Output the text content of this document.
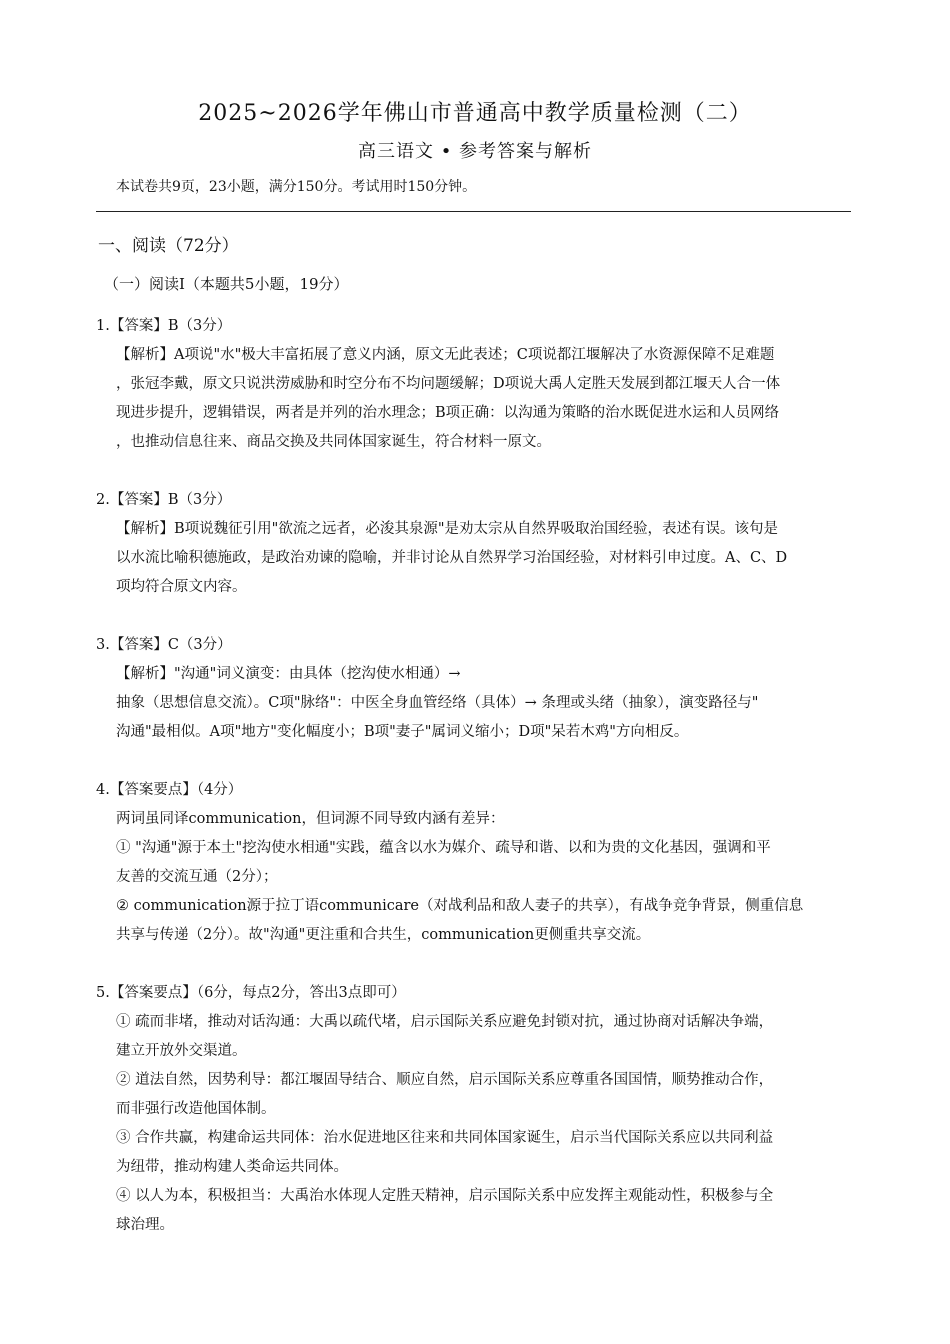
2025~2026学年佛山市普通高中教学质量检测（二）
高三语文 • 参考答案与解析
本试卷共9页，23小题，满分150分。考试用时150分钟。
一、阅读（72分）
（一）阅读I（本题共5小题，19分）

1.【答案】B（3分）

【解析】A项说"水"极大丰富拓展了意义内涵，原文无此表述；C项说都江堰解决了水资源保障不足难题

，张冠李戴，原文只说洪涝威胁和时空分布不均问题缓解；D项说大禹人定胜天发展到都江堰天人合一体

现进步提升，逻辑错误，两者是并列的治水理念；B项正确：以沟通为策略的治水既促进水运和人员网络

，也推动信息往来、商品交换及共同体国家诞生，符合材料一原文。

2.【答案】B（3分）

【解析】B项说魏征引用"欲流之远者，必浚其泉源"是劝太宗从自然界吸取治国经验，表述有误。该句是

以水流比喻积德施政，是政治劝谏的隐喻，并非讨论从自然界学习治国经验，对材料引申过度。A、C、D

项均符合原文内容。

3.【答案】C（3分）

【解析】"沟通"词义演变：由具体（挖沟使水相通）→

抽象（思想信息交流）。C项"脉络"：中医全身血管经络（具体）→ 条理或头绪（抽象），演变路径与"

沟通"最相似。A项"地方"变化幅度小；B项"妻子"属词义缩小；D项"呆若木鸡"方向相反。

4.【答案要点】（4分）

两词虽同译communication，但词源不同导致内涵有差异：

① "沟通"源于本土"挖沟使水相通"实践，蕴含以水为媒介、疏导和谐、以和为贵的文化基因，强调和平

友善的交流互通（2分）；

② communication源于拉丁语communicare（对战利品和敌人妻子的共享），有战争竞争背景，侧重信息

共享与传递（2分）。故"沟通"更注重和合共生，communication更侧重共享交流。

5.【答案要点】（6分，每点2分，答出3点即可）

① 疏而非堵，推动对话沟通：大禹以疏代堵，启示国际关系应避免封锁对抗，通过协商对话解决争端，

建立开放外交渠道。

② 道法自然，因势利导：都江堰固导结合、顺应自然，启示国际关系应尊重各国国情，顺势推动合作，

而非强行改造他国体制。

③ 合作共赢，构建命运共同体：治水促进地区往来和共同体国家诞生，启示当代国际关系应以共同利益

为纽带，推动构建人类命运共同体。

④ 以人为本，积极担当：大禹治水体现人定胜天精神，启示国际关系中应发挥主观能动性，积极参与全

球治理。
